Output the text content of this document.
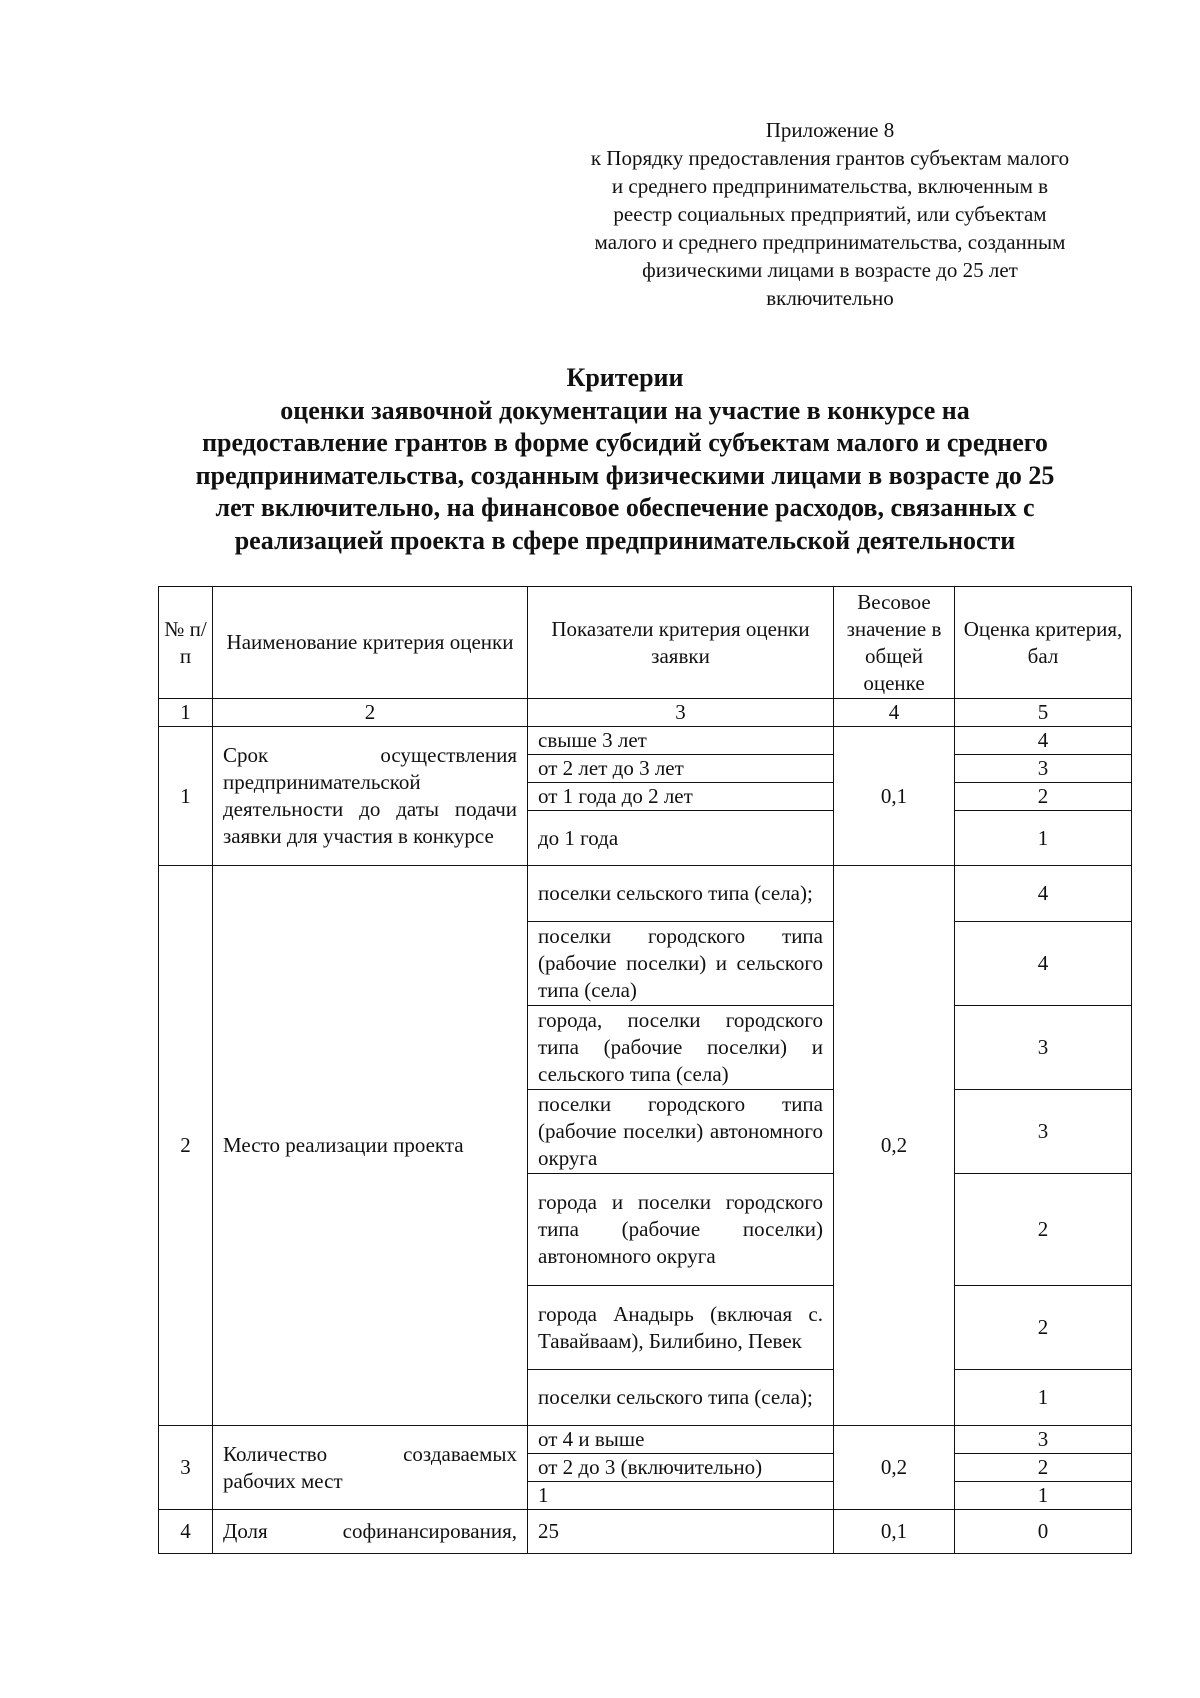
Приложение 8
к Порядку предоставления грантов субъектам малого
и среднего предпринимательства, включенным в
реестр социальных предприятий, или субъектам
малого и среднего предпринимательства, созданным
физическими лицами в возрасте до 25 лет
включительно
Критерии
оценки заявочной документации на участие в конкурсе на
предоставление грантов в форме субсидий субъектам малого и среднего
предпринимательства, созданным физическими лицами в возрасте до 25
лет включительно, на финансовое обеспечение расходов, связанных с
реализацией проекта в сфере предпринимательской деятельности
№ п/п	Наименование критерия оценки	Показатели критерия оценки заявки	Весовое значение в общей оценке	Оценка критерия, бал
1	2	3	4	5
1	Срок осуществления предпринимательской деятельности до даты подачи заявки для участия в конкурсе	свыше 3 лет	0,1	4
		от 2 лет до 3 лет		3
		от 1 года до 2 лет		2
		до 1 года		1
2	Место реализации проекта	поселки сельского типа (села);	0,2	4
		поселки городского типа (рабочие поселки) и сельского типа (села)		4
		города, поселки городского типа (рабочие поселки) и сельского типа (села)		3
		поселки городского типа (рабочие поселки) автономного округа		3
		города и поселки городского типа (рабочие поселки) автономного округа		2
		города Анадырь (включая с. Тавайваам), Билибино, Певек		2
		поселки сельского типа (села);		1
3	Количество создаваемых рабочих мест	от 4 и выше	0,2	3
		от 2 до 3 (включительно)		2
		1		1
4	Доля софинансирования,	25	0,1	0
